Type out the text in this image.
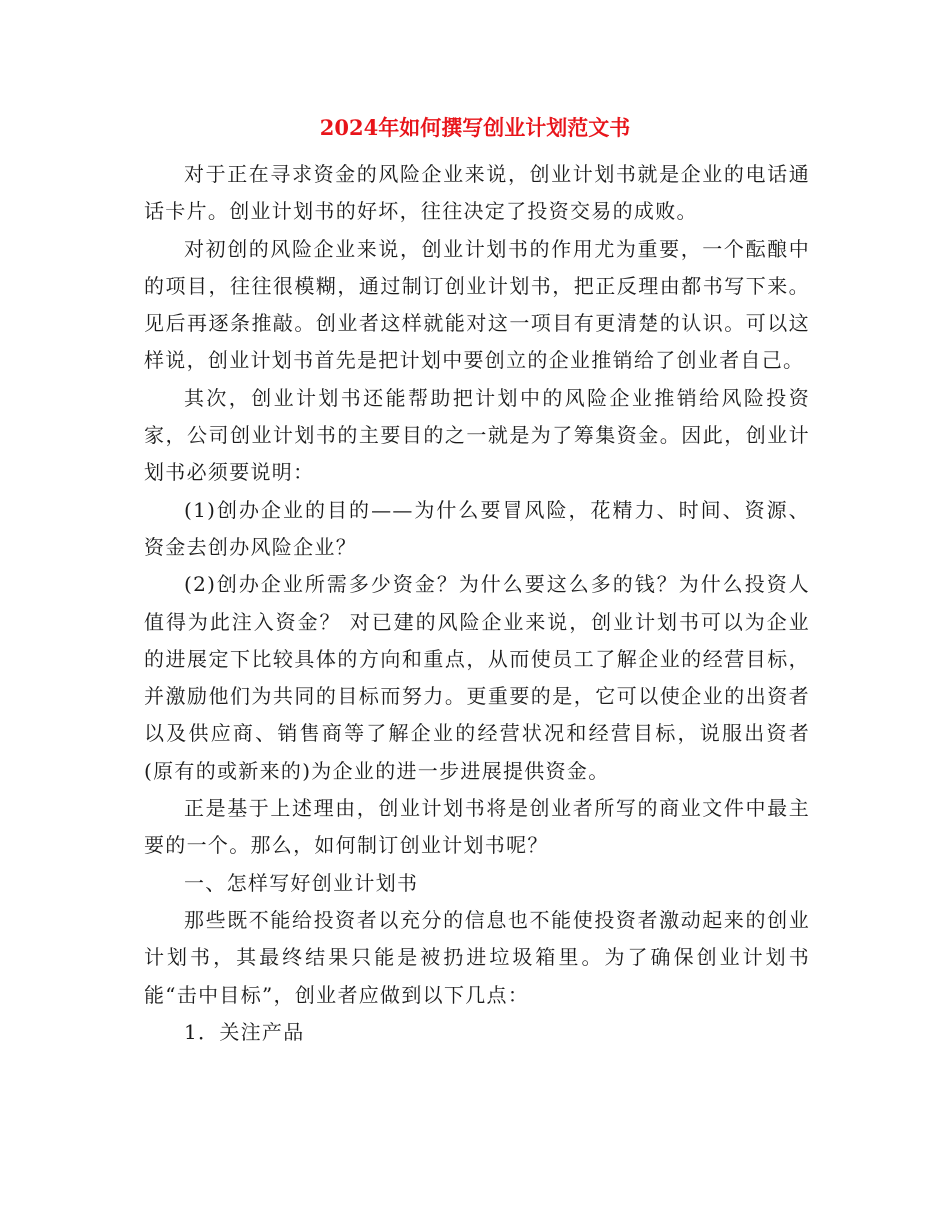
2024年如何撰写创业计划范文书

对于正在寻求资金的风险企业来说，创业计划书就是企业的电话通话卡片。创业计划书的好坏，往往决定了投资交易的成败。

对初创的风险企业来说，创业计划书的作用尤为重要，一个酝酿中的项目，往往很模糊，通过制订创业计划书，把正反理由都书写下来。见后再逐条推敲。创业者这样就能对这一项目有更清楚的认识。可以这样说，创业计划书首先是把计划中要创立的企业推销给了创业者自己。

其次，创业计划书还能帮助把计划中的风险企业推销给风险投资家，公司创业计划书的主要目的之一就是为了筹集资金。因此，创业计划书必须要说明：

(1)创办企业的目的——为什么要冒风险，花精力、时间、资源、资金去创办风险企业？

(2)创办企业所需多少资金？为什么要这么多的钱？为什么投资人值得为此注入资金？ 对已建的风险企业来说，创业计划书可以为企业的进展定下比较具体的方向和重点，从而使员工了解企业的经营目标，并激励他们为共同的目标而努力。更重要的是，它可以使企业的出资者以及供应商、销售商等了解企业的经营状况和经营目标，说服出资者(原有的或新来的)为企业的进一步进展提供资金。

正是基于上述理由，创业计划书将是创业者所写的商业文件中最主要的一个。那么，如何制订创业计划书呢？

一、怎样写好创业计划书

那些既不能给投资者以充分的信息也不能使投资者激动起来的创业计划书，其最终结果只能是被扔进垃圾箱里。为了确保创业计划书能“击中目标”，创业者应做到以下几点：

1．关注产品
